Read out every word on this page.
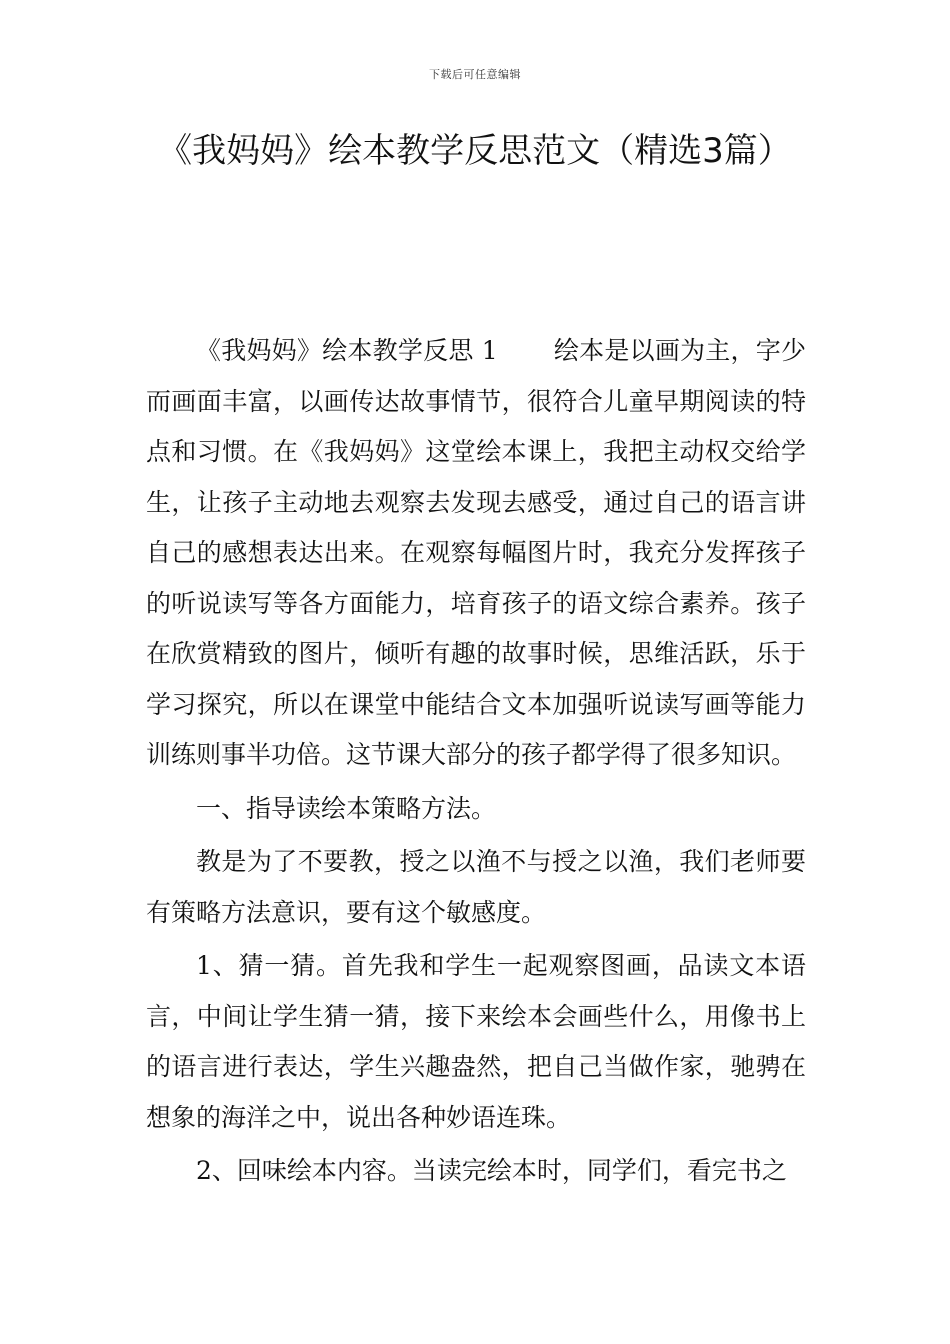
下载后可任意编辑
《我妈妈》绘本教学反思范文（精选3篇）

《我妈妈》绘本教学反思 1 绘本是以画为主，字少而画面丰富，以画传达故事情节，很符合儿童早期阅读的特点和习惯。在《我妈妈》这堂绘本课上，我把主动权交给学生，让孩子主动地去观察去发现去感受，通过自己的语言讲自己的感想表达出来。在观察每幅图片时，我充分发挥孩子的听说读写等各方面能力，培育孩子的语文综合素养。孩子在欣赏精致的图片，倾听有趣的故事时候，思维活跃，乐于学习探究，所以在课堂中能结合文本加强听说读写画等能力训练则事半功倍。这节课大部分的孩子都学得了很多知识。

一、指导读绘本策略方法。

教是为了不要教，授之以渔不与授之以渔，我们老师要有策略方法意识，要有这个敏感度。

1、猜一猜。首先我和学生一起观察图画，品读文本语言，中间让学生猜一猜，接下来绘本会画些什么，用像书上的语言进行表达，学生兴趣盎然，把自己当做作家，驰骋在想象的海洋之中，说出各种妙语连珠。

2、回味绘本内容。当读完绘本时，同学们，看完书之
